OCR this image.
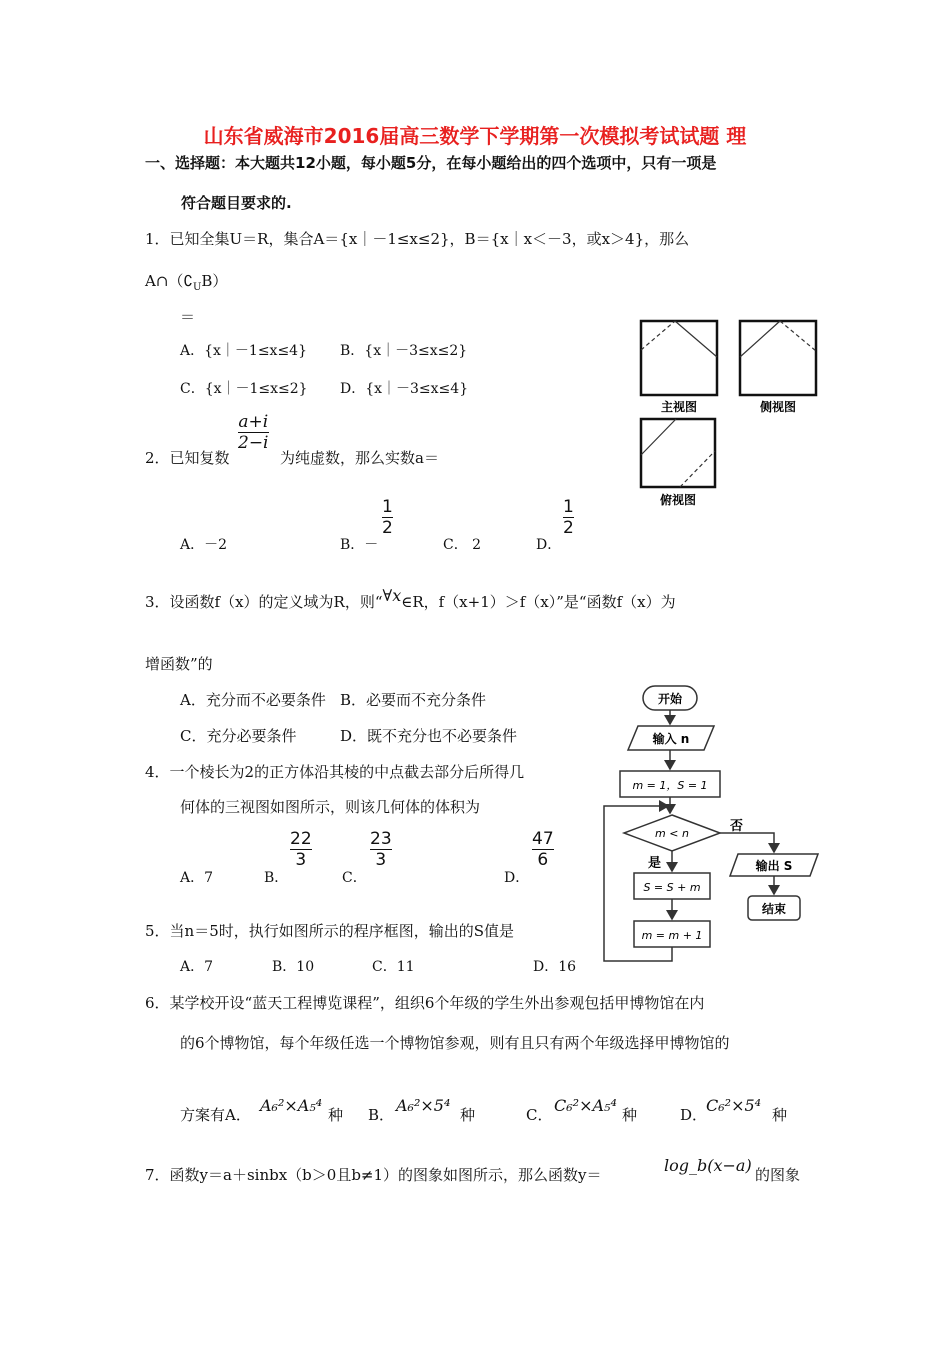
山东省威海市2016届高三数学下学期第一次模拟考试试题 理
一、选择题：本大题共12小题，每小题5分，在每小题给出的四个选项中，只有一项是
符合题目要求的.
1．已知全集U＝R，集合A＝{x｜－1≤x≤2}，B＝{x｜x＜－3，或x＞4}，那么
$A\cap(∁_UB)$
＝
A．{x｜－1≤x≤4} B．{x｜－3≤x≤2}
C．{x｜－1≤x≤2} D．{x｜－3≤x≤4}
主视图	侧视图
俯视图
2．已知复数
a+i
2−i
为纯虚数，那么实数a＝
A．－2	B．－
1
2
C． 2	D．
1
2
3．设函数f（x）的定义域为R，则“∀x∈R，f（x+1）＞f（x）”是“函数f（x）为
增函数”的
A．充分而不必要条件 B．必要而不充分条件
C．充分必要条件	D．既不充分也不必要条件
4．一个棱长为2的正方体沿其棱的中点截去部分后所得几
何体的三视图如图所示，则该几何体的体积为
A．7	B．
22
3
C．
23
3
D．
47
6
开始
输入 n
m = 1，S = 1
m < n	否
是
S = S + m
m = m + 1
输出 S
结束
5．当n＝5时，执行如图所示的程序框图，输出的S值是
A．7	B．10	C．11	D．16
6．某学校开设“蓝天工程博览课程”，组织6个年级的学生外出参观包括甲博物馆在内
的6个博物馆，每个年级任选一个博物馆参观，则有且只有两个年级选择甲博物馆的
方案有A． A₆²×A₅⁴ 种 B． A₆²×5⁴ 种	C． C₆²×A₅⁴ 种	D．
C₆²×5⁴ 种
7．函数y＝a＋sinbx（b＞0且b≠1）的图象如图所示，那么函数y＝	log_b(x−a) 的图象
